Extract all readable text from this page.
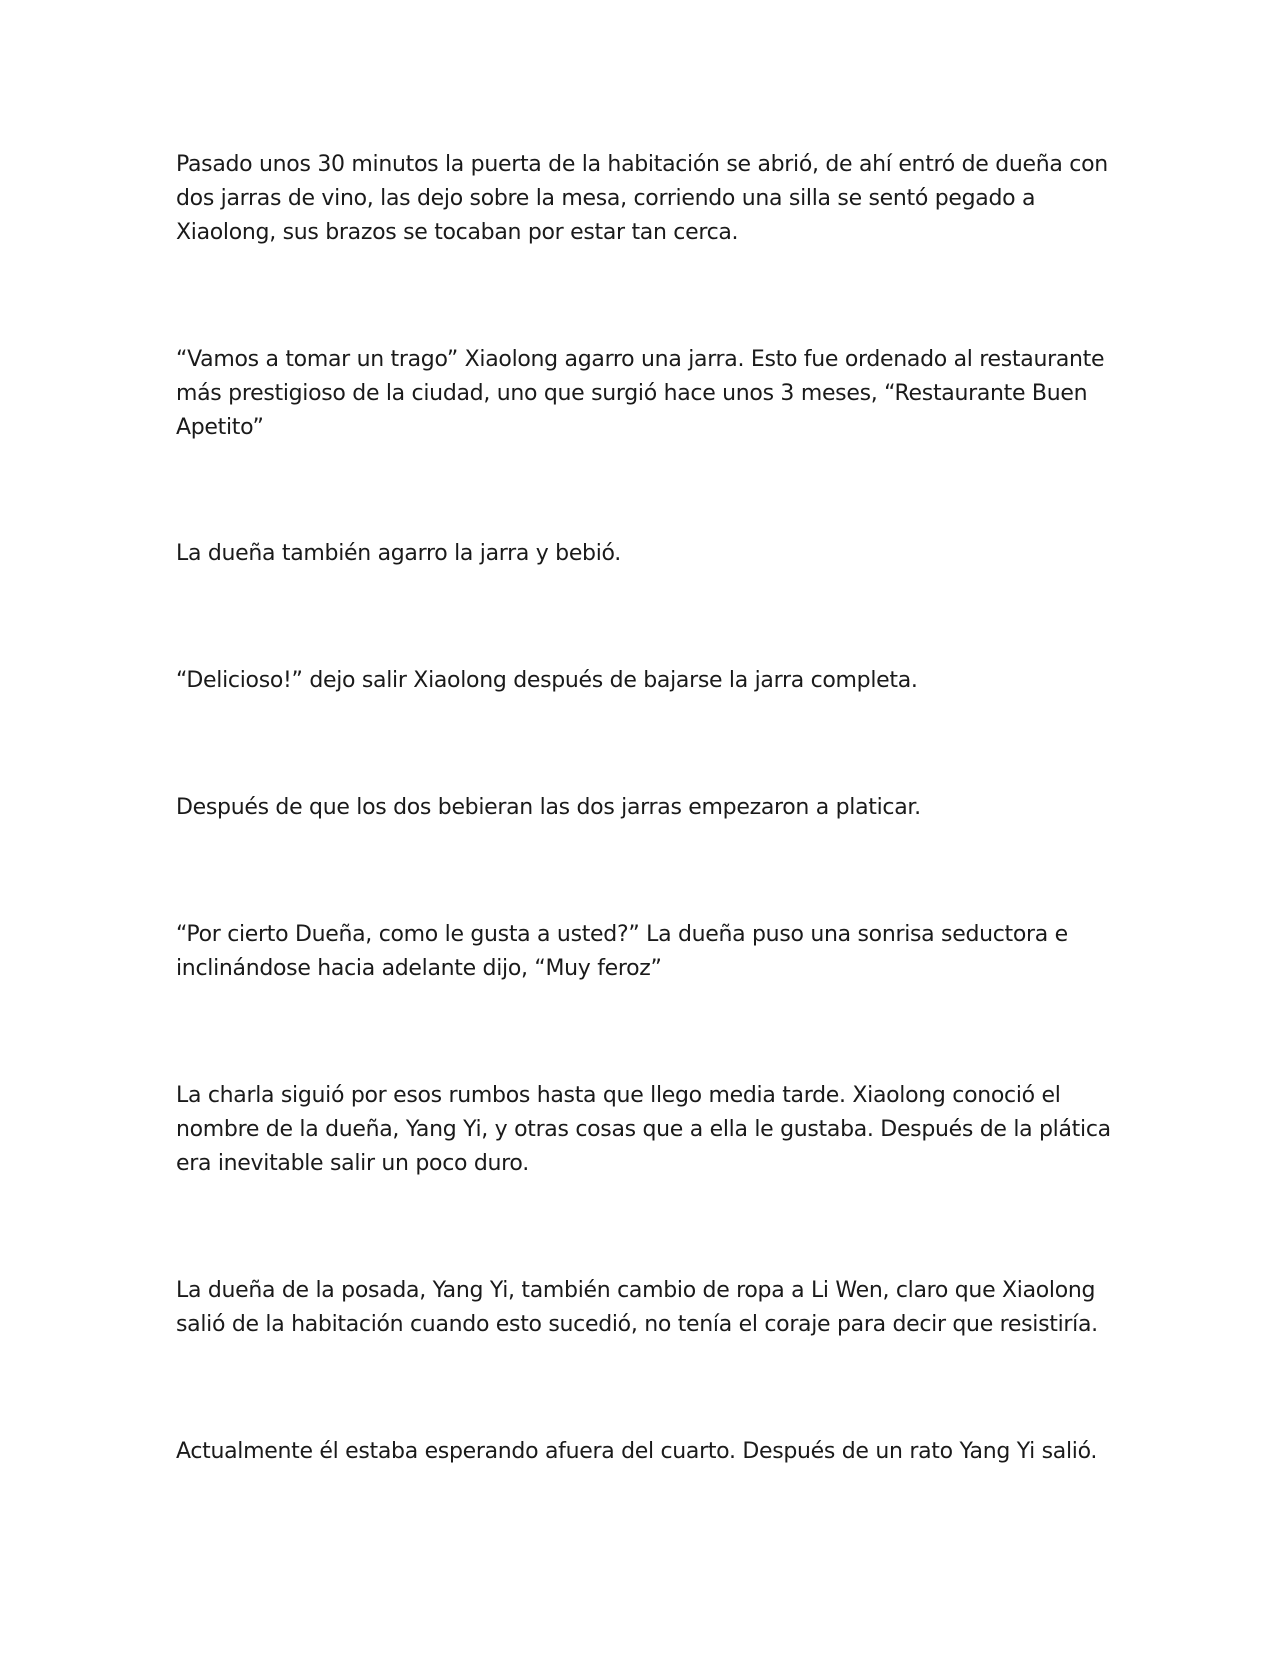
Pasado unos 30 minutos la puerta de la habitación se abrió, de ahí entró de dueña con
dos jarras de vino, las dejo sobre la mesa, corriendo una silla se sentó pegado a
Xiaolong, sus brazos se tocaban por estar tan cerca.

“Vamos a tomar un trago” Xiaolong agarro una jarra. Esto fue ordenado al restaurante
más prestigioso de la ciudad, uno que surgió hace unos 3 meses, “Restaurante Buen
Apetito”

La dueña también agarro la jarra y bebió.

“Delicioso!” dejo salir Xiaolong después de bajarse la jarra completa.

Después de que los dos bebieran las dos jarras empezaron a platicar.

“Por cierto Dueña, como le gusta a usted?” La dueña puso una sonrisa seductora e
inclinándose hacia adelante dijo, “Muy feroz”

La charla siguió por esos rumbos hasta que llego media tarde. Xiaolong conoció el
nombre de la dueña, Yang Yi, y otras cosas que a ella le gustaba. Después de la plática
era inevitable salir un poco duro.

La dueña de la posada, Yang Yi, también cambio de ropa a Li Wen, claro que Xiaolong
salió de la habitación cuando esto sucedió, no tenía el coraje para decir que resistiría.

Actualmente él estaba esperando afuera del cuarto. Después de un rato Yang Yi salió.
